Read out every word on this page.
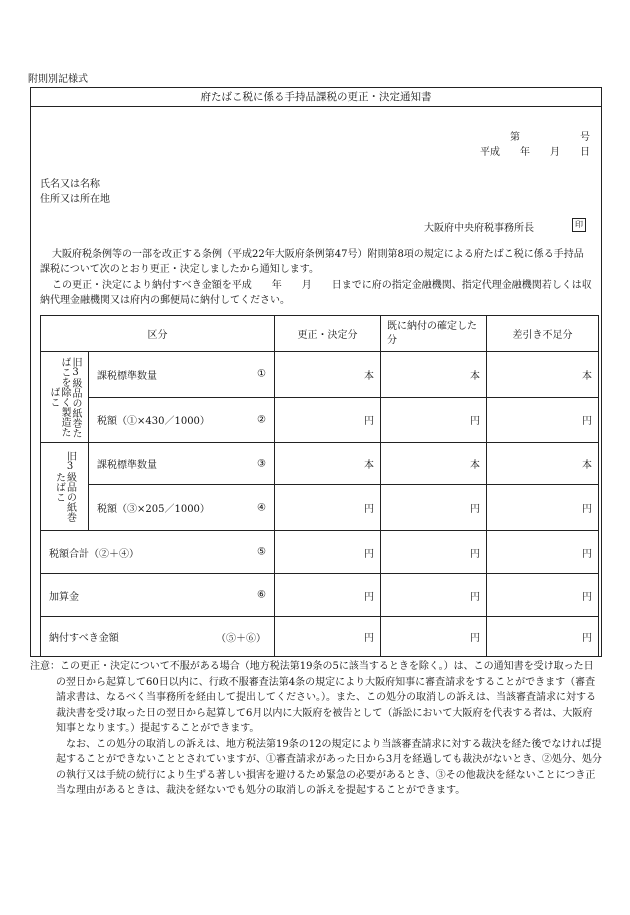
附則別記様式
府たばこ税に係る手持品課税の更正・決定通知書
第　　　　　　号
平成　　年　　月　　日
氏名又は名称
住所又は所在地
大阪府中央府税事務所長	印
大阪府税条例等の一部を改正する条例（平成22年大阪府条例第47号）附則第8項の規定による府たばこ税に係る手持品課税について次のとおり更正・決定しましたから通知します。
この更正・決定により納付すべき金額を平成　　年　　月　　日までに府の指定金融機関、指定代理金融機関若しくは収納代理金融機関又は府内の郵便局に納付してください。
区分		更正・決定分	既に納付の確定した分	差引き不足分

旧3級品の紙巻たばこを除く製造たばこ	課税標準数量 ①	本	本	本
	税額（①×430／1000） ②	円	円	円

旧3級品の紙巻たばこ	課税標準数量 ③	本	本	本
	税額（③×205／1000） ④	円	円	円
税額合計（②＋④） ⑤		円	円	円
加算金 ⑥		円	円	円
納付すべき金額 （⑤＋⑥）		円	円	円

注意：この更正・決定について不服がある場合（地方税法第19条の5に該当するときを除く。）は、この通知書を受け取った日の翌日から起算して60日以内に、行政不服審査法第4条の規定により大阪府知事に審査請求をすることができます（審査請求書は、なるべく当事務所を経由して提出してください。）。また、この処分の取消しの訴えは、当該審査請求に対する裁決書を受け取った日の翌日から起算して6月以内に大阪府を被告として（訴訟において大阪府を代表する者は、大阪府知事となります。）提起することができます。

なお、この処分の取消しの訴えは、地方税法第19条の12の規定により当該審査請求に対する裁決を経た後でなければ提起することができないこととされていますが、①審査請求があった日から3月を経過しても裁決がないとき、②処分、処分の執行又は手続の続行により生ずる著しい損害を避けるため緊急の必要があるとき、③その他裁決を経ないことにつき正当な理由があるときは、裁決を経ないでも処分の取消しの訴えを提起することができます。
